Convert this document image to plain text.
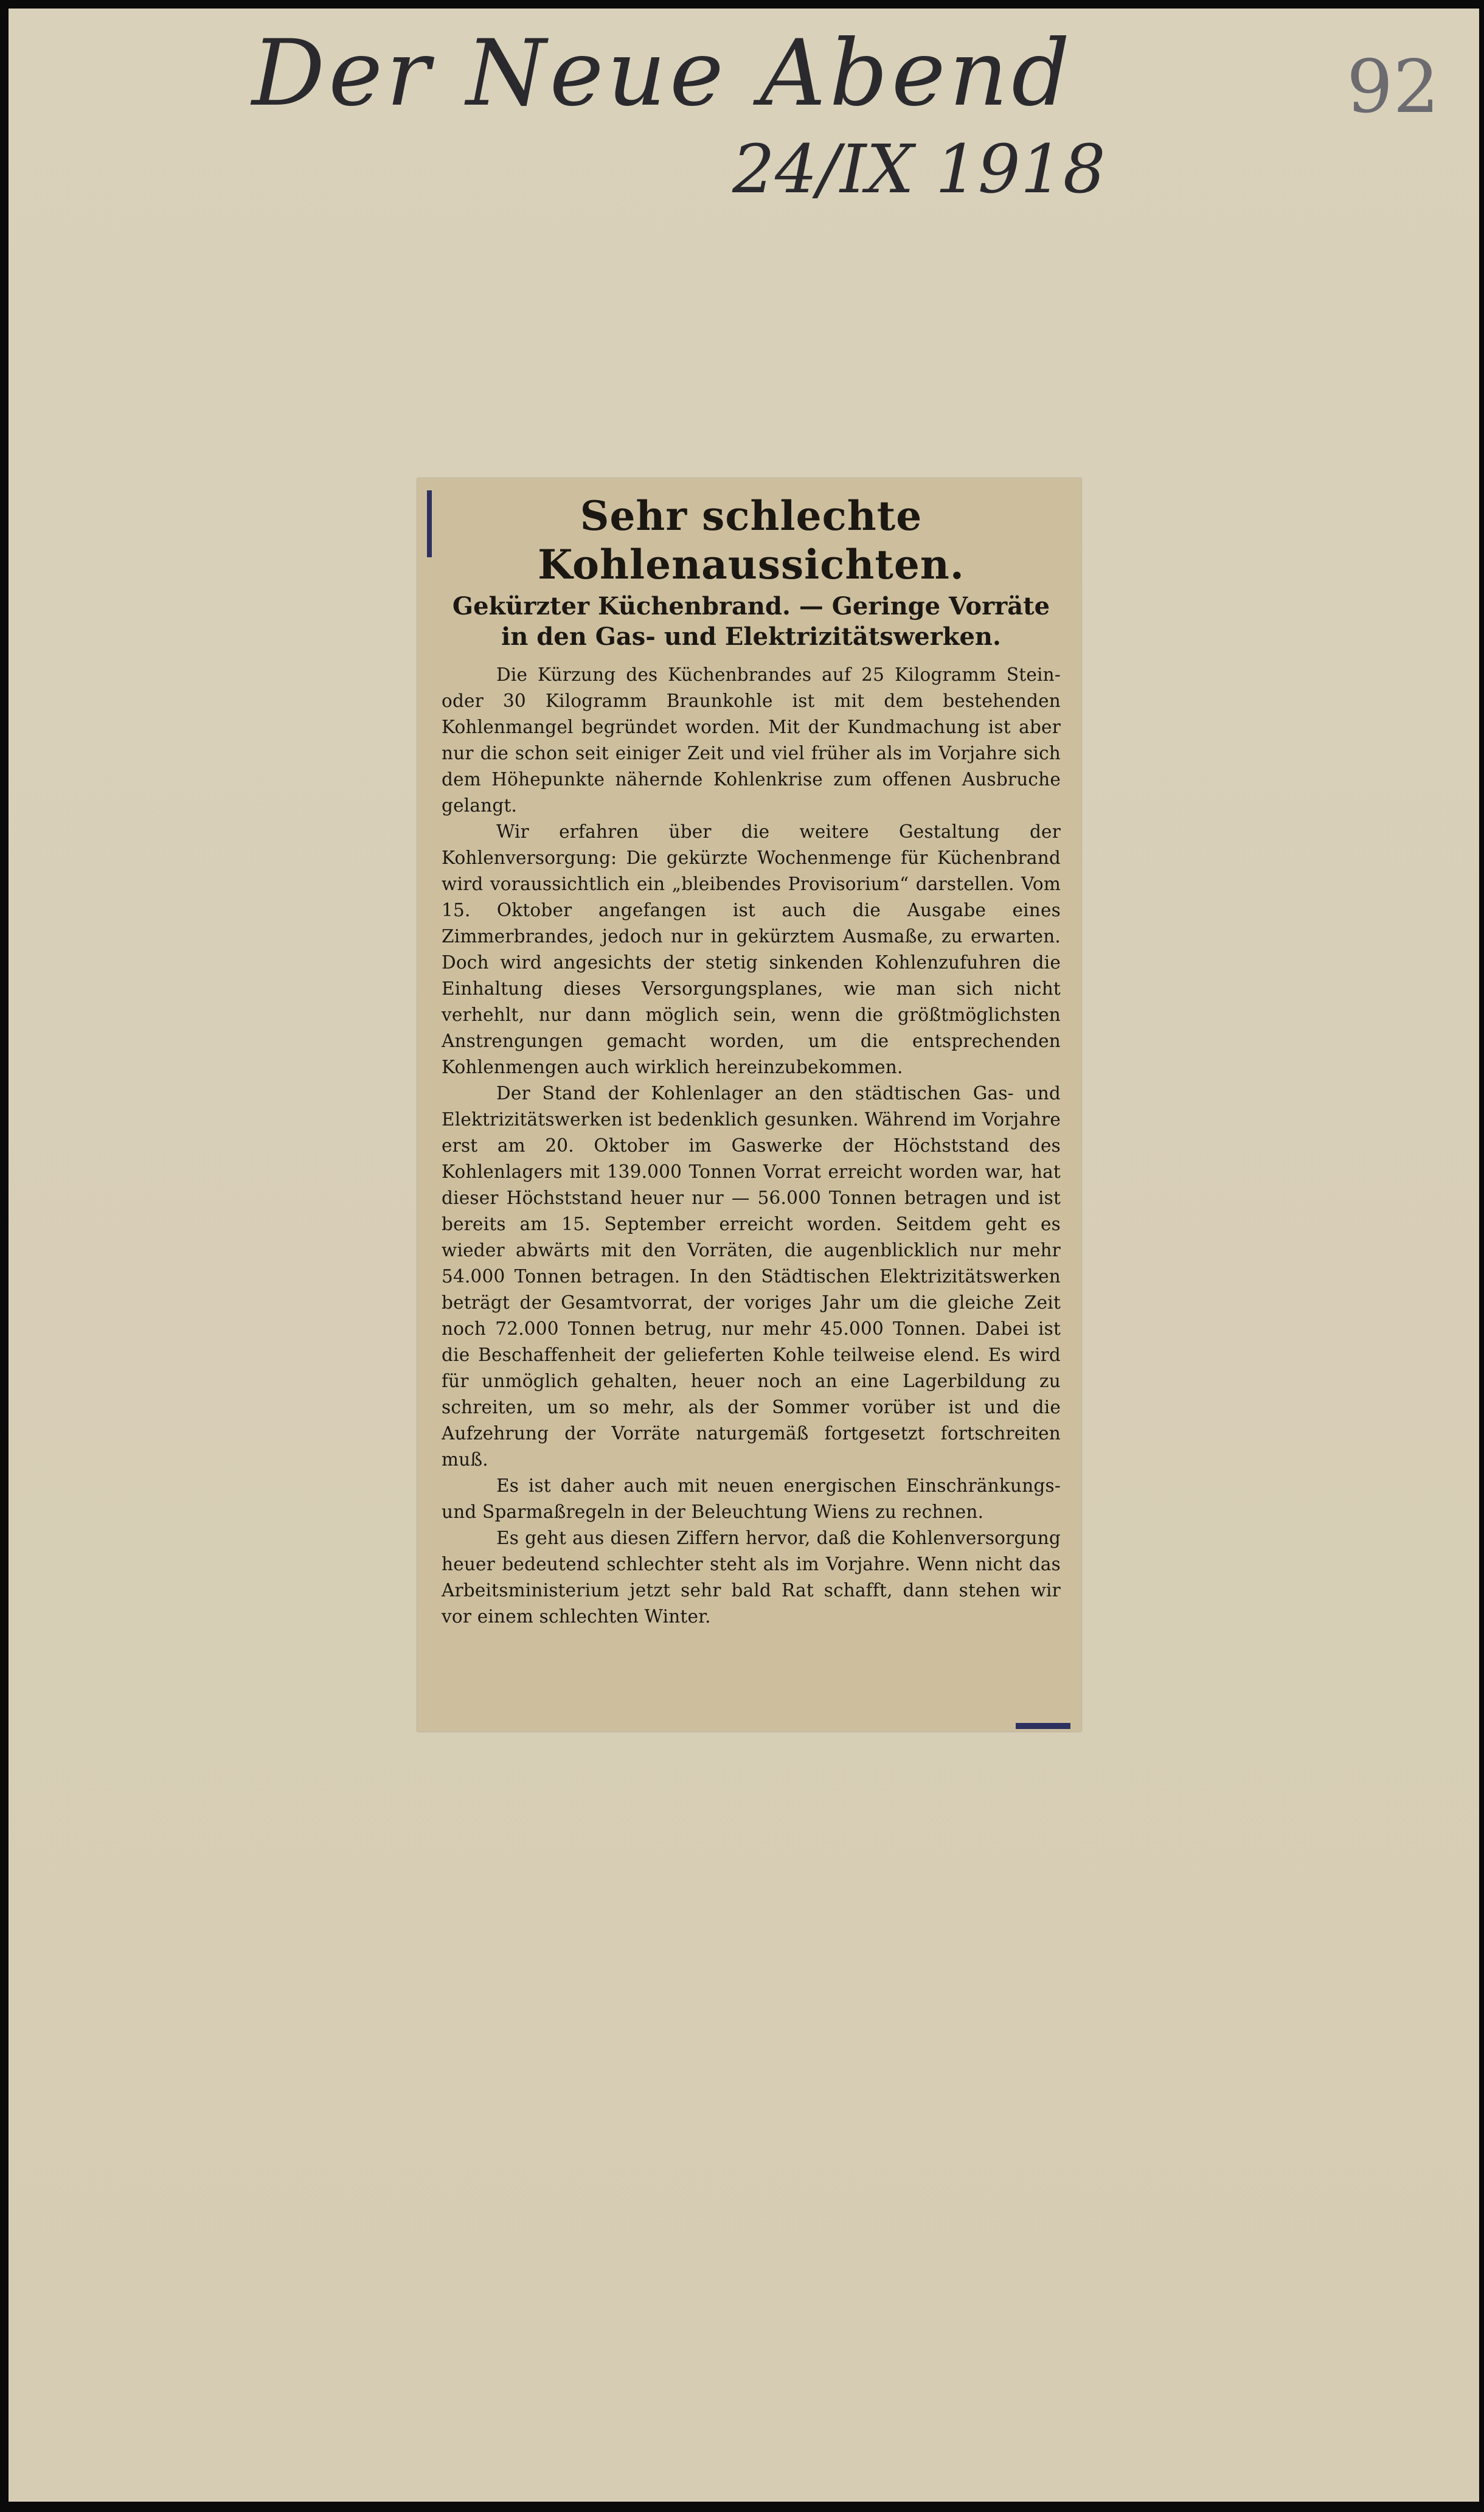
Der Neue Abend
24/IX 1918
92
Sehr schlechte Kohlenaussichten.
Gekürzter Küchenbrand. — Geringe Vorräte in den Gas- und Elektrizitätswerken.

Die Kürzung des Küchenbrandes auf 25 Kilogramm Stein- oder 30 Kilogramm Braunkohle ist mit dem bestehenden Kohlenmangel begründet worden. Mit der Kundmachung ist aber nur die schon seit einiger Zeit und viel früher als im Vorjahre sich dem Höhepunkte nähernde Kohlenkrise zum offenen Ausbruche gelangt.

Wir erfahren über die weitere Gestaltung der Kohlenversorgung: Die gekürzte Wochenmenge für Küchenbrand wird voraussichtlich ein „bleibendes Provisorium“ darstellen. Vom 15. Oktober angefangen ist auch die Ausgabe eines Zimmerbrandes, jedoch nur in gekürztem Ausmaße, zu erwarten. Doch wird angesichts der stetig sinkenden Kohlenzufuhren die Einhaltung dieses Versorgungsplanes, wie man sich nicht verhehlt, nur dann möglich sein, wenn die größtmöglichsten Anstrengungen gemacht worden, um die entsprechenden Kohlenmengen auch wirklich hereinzubekommen.

Der Stand der Kohlenlager an den städtischen Gas- und Elektrizitätswerken ist bedenklich gesunken. Während im Vorjahre erst am 20. Oktober im Gaswerke der Höchststand des Kohlenlagers mit 139.000 Tonnen Vorrat erreicht worden war, hat dieser Höchststand heuer nur — 56.000 Tonnen betragen und ist bereits am 15. September erreicht worden. Seitdem geht es wieder abwärts mit den Vorräten, die augenblicklich nur mehr 54.000 Tonnen betragen. In den Städtischen Elektrizitätswerken beträgt der Gesamtvorrat, der voriges Jahr um die gleiche Zeit noch 72.000 Tonnen betrug, nur mehr 45.000 Tonnen. Dabei ist die Beschaffenheit der gelieferten Kohle teilweise elend. Es wird für unmöglich gehalten, heuer noch an eine Lagerbildung zu schreiten, um so mehr, als der Sommer vorüber ist und die Aufzehrung der Vorräte naturgemäß fortgesetzt fortschreiten muß.

Es ist daher auch mit neuen energischen Einschränkungs- und Sparmaßregeln in der Beleuchtung Wiens zu rechnen.

Es geht aus diesen Ziffern hervor, daß die Kohlenversorgung heuer bedeutend schlechter steht als im Vorjahre. Wenn nicht das Arbeitsministerium jetzt sehr bald Rat schafft, dann stehen wir vor einem schlechten Winter.
